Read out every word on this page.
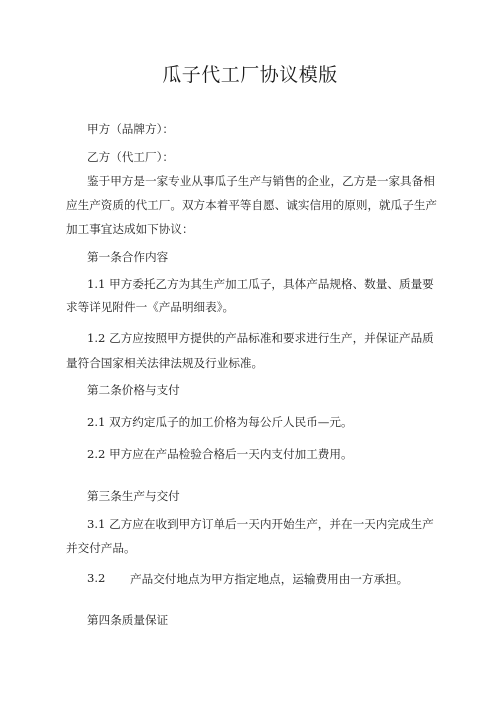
瓜子代工厂协议模版
甲方（品牌方）：
乙方（代工厂）：
鉴于甲方是一家专业从事瓜子生产与销售的企业，乙方是一家具备相
应生产资质的代工厂。双方本着平等自愿、诚实信用的原则，就瓜子生产
加工事宜达成如下协议：
第一条合作内容
1.1 甲方委托乙方为其生产加工瓜子，具体产品规格、数量、质量要
求等详见附件一《产品明细表》。
1.2 乙方应按照甲方提供的产品标准和要求进行生产，并保证产品质
量符合国家相关法律法规及行业标准。
第二条价格与支付
2.1 双方约定瓜子的加工价格为每公斤人民币—元。
2.2 甲方应在产品检验合格后一天内支付加工费用。
第三条生产与交付
3.1 乙方应在收到甲方订单后一天内开始生产，并在一天内完成生产
并交付产品。
3.2 产品交付地点为甲方指定地点，运输费用由一方承担。
第四条质量保证
